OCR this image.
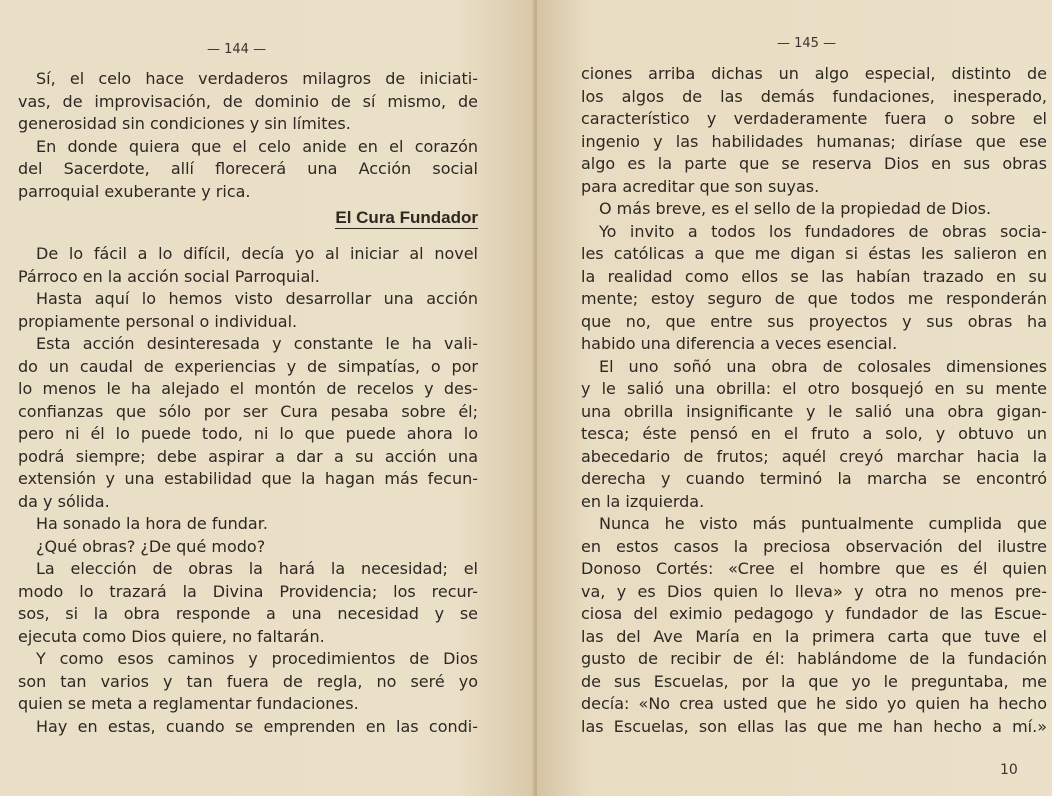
— 144 —
Sí, el celo hace verdaderos milagros de iniciati-
vas, de improvisación, de dominio de sí mismo, de
generosidad sin condiciones y sin límites.
En donde quiera que el celo anide en el corazón
del Sacerdote, allí florecerá una Acción social
parroquial exuberante y rica.
El Cura Fundador
De lo fácil a lo difícil, decía yo al iniciar al novel
Párroco en la acción social Parroquial.
Hasta aquí lo hemos visto desarrollar una acción
propiamente personal o individual.
Esta acción desinteresada y constante le ha vali-
do un caudal de experiencias y de simpatías, o por
lo menos le ha alejado el montón de recelos y des-
confianzas que sólo por ser Cura pesaba sobre él;
pero ni él lo puede todo, ni lo que puede ahora lo
podrá siempre; debe aspirar a dar a su acción una
extensión y una estabilidad que la hagan más fecun-
da y sólida.
Ha sonado la hora de fundar.
¿Qué obras? ¿De qué modo?
La elección de obras la hará la necesidad; el
modo lo trazará la Divina Providencia; los recur-
sos, si la obra responde a una necesidad y se
ejecuta como Dios quiere, no faltarán.
Y como esos caminos y procedimientos de Dios
son tan varios y tan fuera de regla, no seré yo
quien se meta a reglamentar fundaciones.
Hay en estas, cuando se emprenden en las condi-
— 145 —
ciones arriba dichas un algo especial, distinto de
los algos de las demás fundaciones, inesperado,
característico y verdaderamente fuera o sobre el
ingenio y las habilidades humanas; diríase que ese
algo es la parte que se reserva Dios en sus obras
para acreditar que son suyas.
O más breve, es el sello de la propiedad de Dios.
Yo invito a todos los fundadores de obras socia-
les católicas a que me digan si éstas les salieron en
la realidad como ellos se las habían trazado en su
mente; estoy seguro de que todos me responderán
que no, que entre sus proyectos y sus obras ha
habido una diferencia a veces esencial.
El uno soñó una obra de colosales dimensiones
y le salió una obrilla: el otro bosquejó en su mente
una obrilla insignificante y le salió una obra gigan-
tesca; éste pensó en el fruto a solo, y obtuvo un
abecedario de frutos; aquél creyó marchar hacia la
derecha y cuando terminó la marcha se encontró
en la izquierda.
Nunca he visto más puntualmente cumplida que
en estos casos la preciosa observación del ilustre
Donoso Cortés: «Cree el hombre que es él quien
va, y es Dios quien lo lleva» y otra no menos pre-
ciosa del eximio pedagogo y fundador de las Escue-
las del Ave María en la primera carta que tuve el
gusto de recibir de él: hablándome de la fundación
de sus Escuelas, por la que yo le preguntaba, me
decía: «No crea usted que he sido yo quien ha hecho
las Escuelas, son ellas las que me han hecho a mí.»
10
